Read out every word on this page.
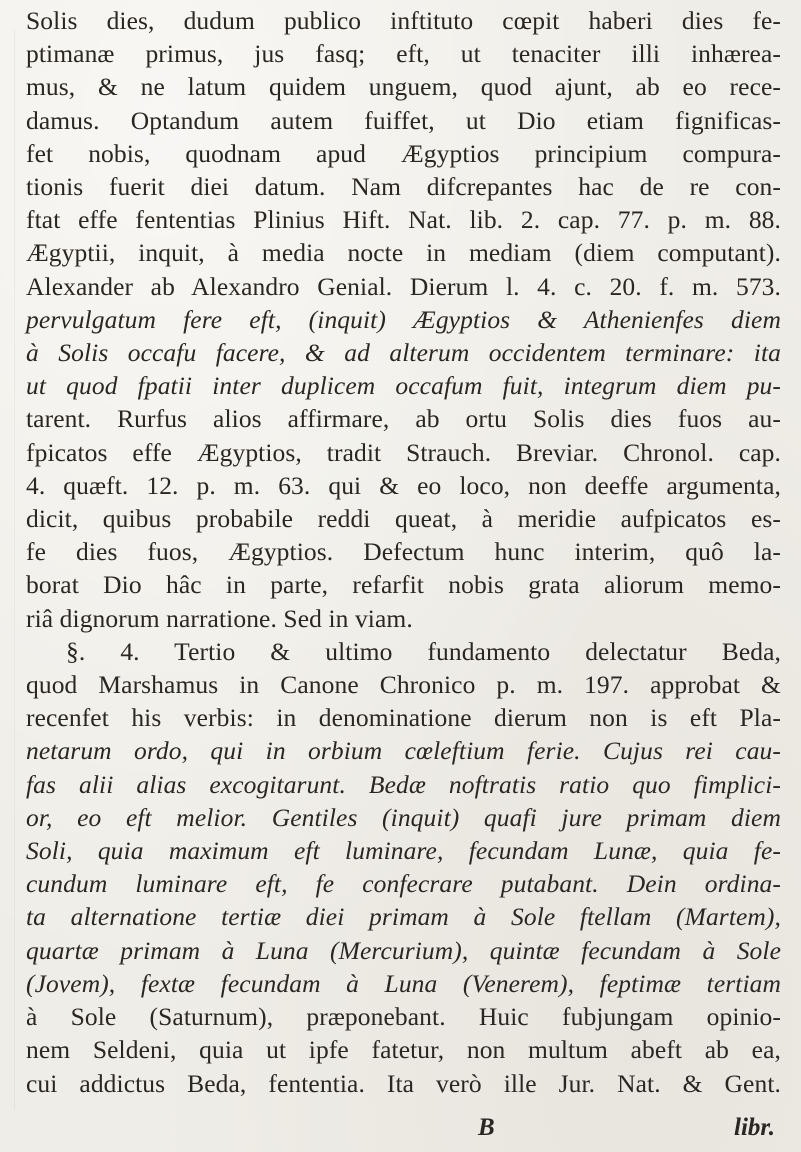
Solis dies, dudum publico inftituto cœpit haberi dies fe-
ptimanæ primus, jus fasq; eft, ut tenaciter illi inhærea-
mus, & ne latum quidem unguem, quod ajunt, ab eo rece-
damus. Optandum autem fuiffet, ut Dio etiam fignificas-
fet nobis, quodnam apud Ægyptios principium compura-
tionis fuerit diei datum. Nam difcrepantes hac de re con-
ftat effe fententias Plinius Hift. Nat. lib. 2. cap. 77. p. m. 88.
Ægyptii, inquit, à media nocte in mediam (diem computant).
Alexander ab Alexandro Genial. Dierum l. 4. c. 20. f. m. 573.
pervulgatum fere eft, (inquit) Ægyptios & Athenienfes diem
à Solis occafu facere, & ad alterum occidentem terminare: ita
ut quod fpatii inter duplicem occafum fuit, integrum diem pu-
tarent. Rurfus alios affirmare, ab ortu Solis dies fuos au-
fpicatos effe Ægyptios, tradit Strauch. Breviar. Chronol. cap.
4. quæft. 12. p. m. 63. qui & eo loco, non deeffe argumenta,
dicit, quibus probabile reddi queat, à meridie aufpicatos es-
fe dies fuos, Ægyptios. Defectum hunc interim, quô la-
borat Dio hâc in parte, refarfit nobis grata aliorum memo-
riâ dignorum narratione. Sed in viam.
§. 4. Tertio & ultimo fundamento delectatur Beda,
quod Marshamus in Canone Chronico p. m. 197. approbat &
recenfet his verbis: in denominatione dierum non is eft Pla-
netarum ordo, qui in orbium cœleftium ferie. Cujus rei cau-
fas alii alias excogitarunt. Bedæ noftratis ratio quo fimplici-
or, eo eft melior. Gentiles (inquit) quafi jure primam diem
Soli, quia maximum eft luminare, fecundam Lunæ, quia fe-
cundum luminare eft, fe confecrare putabant. Dein ordina-
ta alternatione tertiæ diei primam à Sole ftellam (Martem),
quartæ primam à Luna (Mercurium), quintæ fecundam à Sole
(Jovem), fextæ fecundam à Luna (Venerem), feptimæ tertiam
à Sole (Saturnum), præponebant. Huic fubjungam opinio-
nem Seldeni, quia ut ipfe fatetur, non multum abeft ab ea,
cui addictus Beda, fententia. Ita verò ille Jur. Nat. & Gent.
B	libr.
